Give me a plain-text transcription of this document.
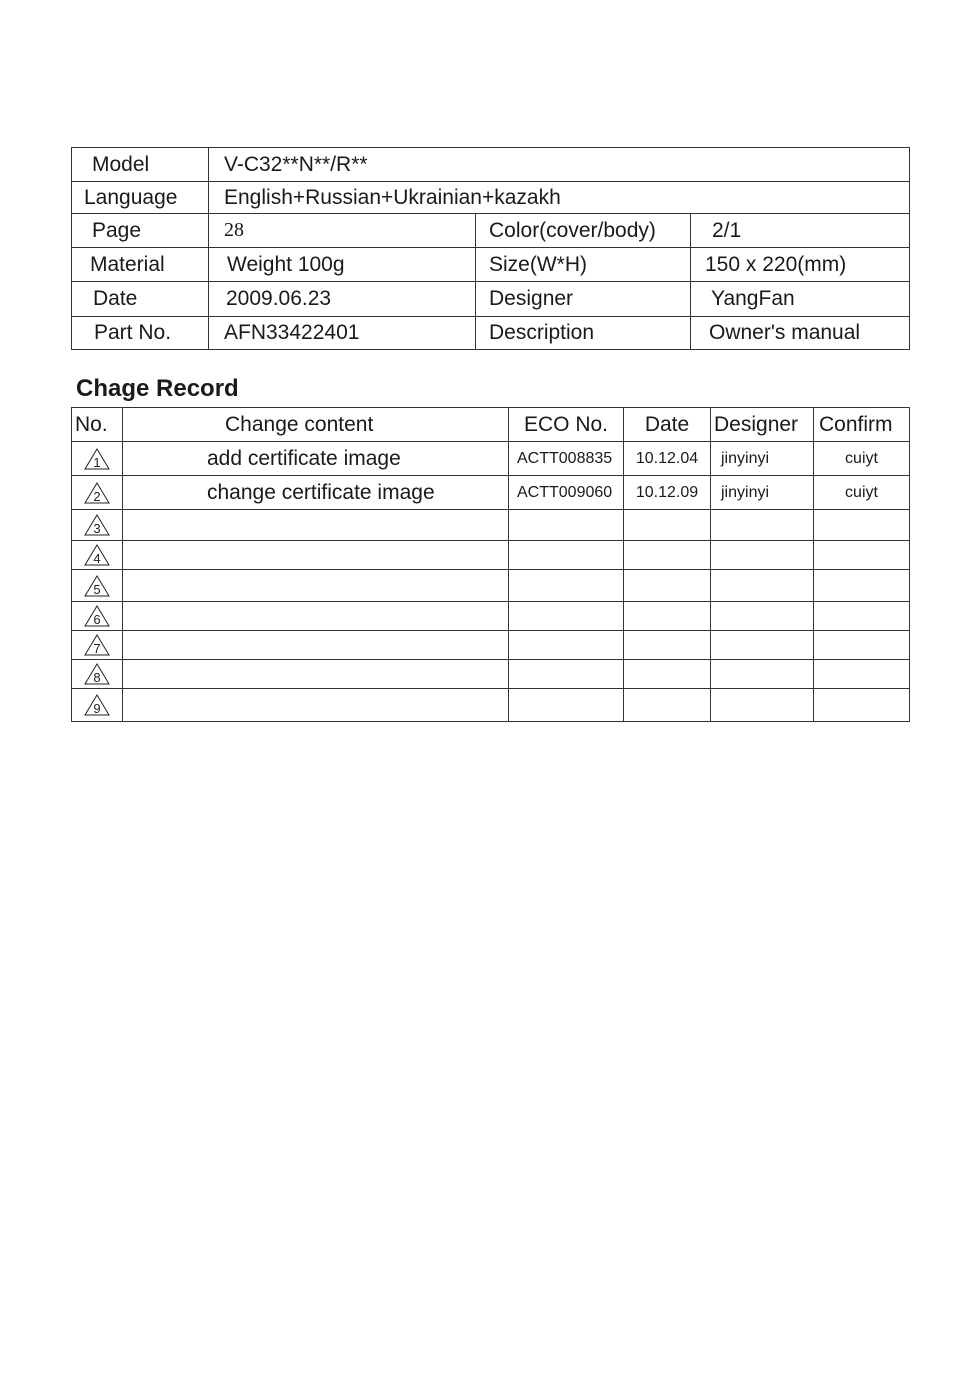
Model	V-C32**N**/R**		
Language	English+Russian+Ukrainian+kazakh		
Page	28	Color(cover/body)	2/1
Material	Weight 100g	Size(W*H)	150 x 220(mm)
Date	2009.06.23	Designer	YangFan
Part No.	AFN33422401	Description	Owner's manual
Chage Record
No.	Change content	ECO No.	Date	Designer	Confirm

1	add certificate image	ACTT008835	10.12.04	jinyinyi	cuiyt

2	change certificate image	ACTT009060	10.12.09	jinyinyi	cuiyt

3					

4					

5					

6					

7					

8					

9					
